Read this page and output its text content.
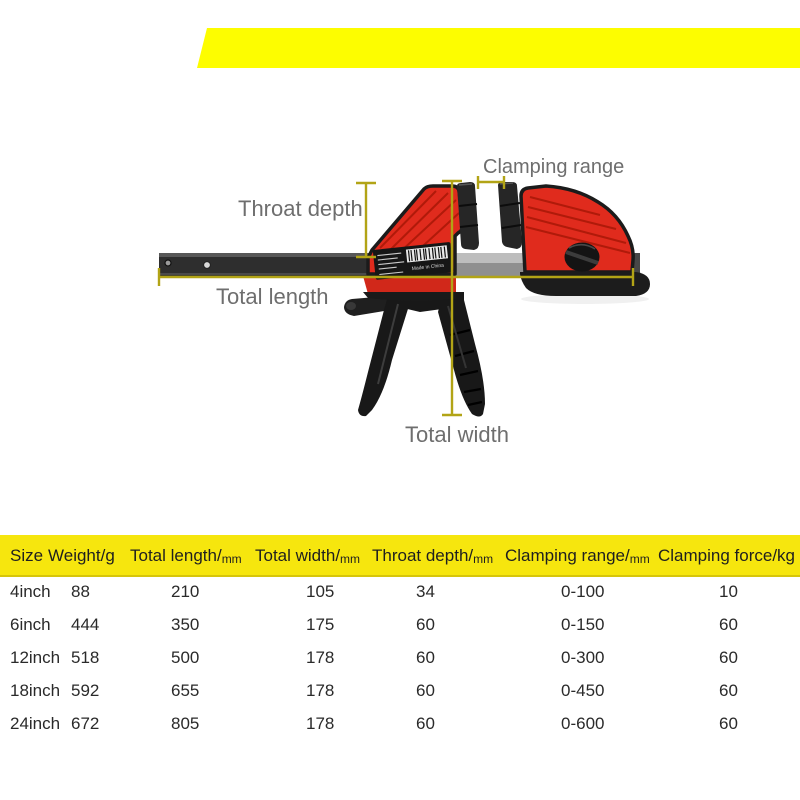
Made in China
Clamping range
Throat depth
Total length
Total width
Size Weight/g Total length/mm Total width/mm Throat depth/mm Clamping range/mm Clamping force/kg
4inch 88	210	105	34	0-100	10
6inch 444	350	175	60	0-150	60
12inch 518	500	178	60	0-300	60
18inch 592	655	178	60	0-450	60
24inch 672	805	178	60	0-600	60
